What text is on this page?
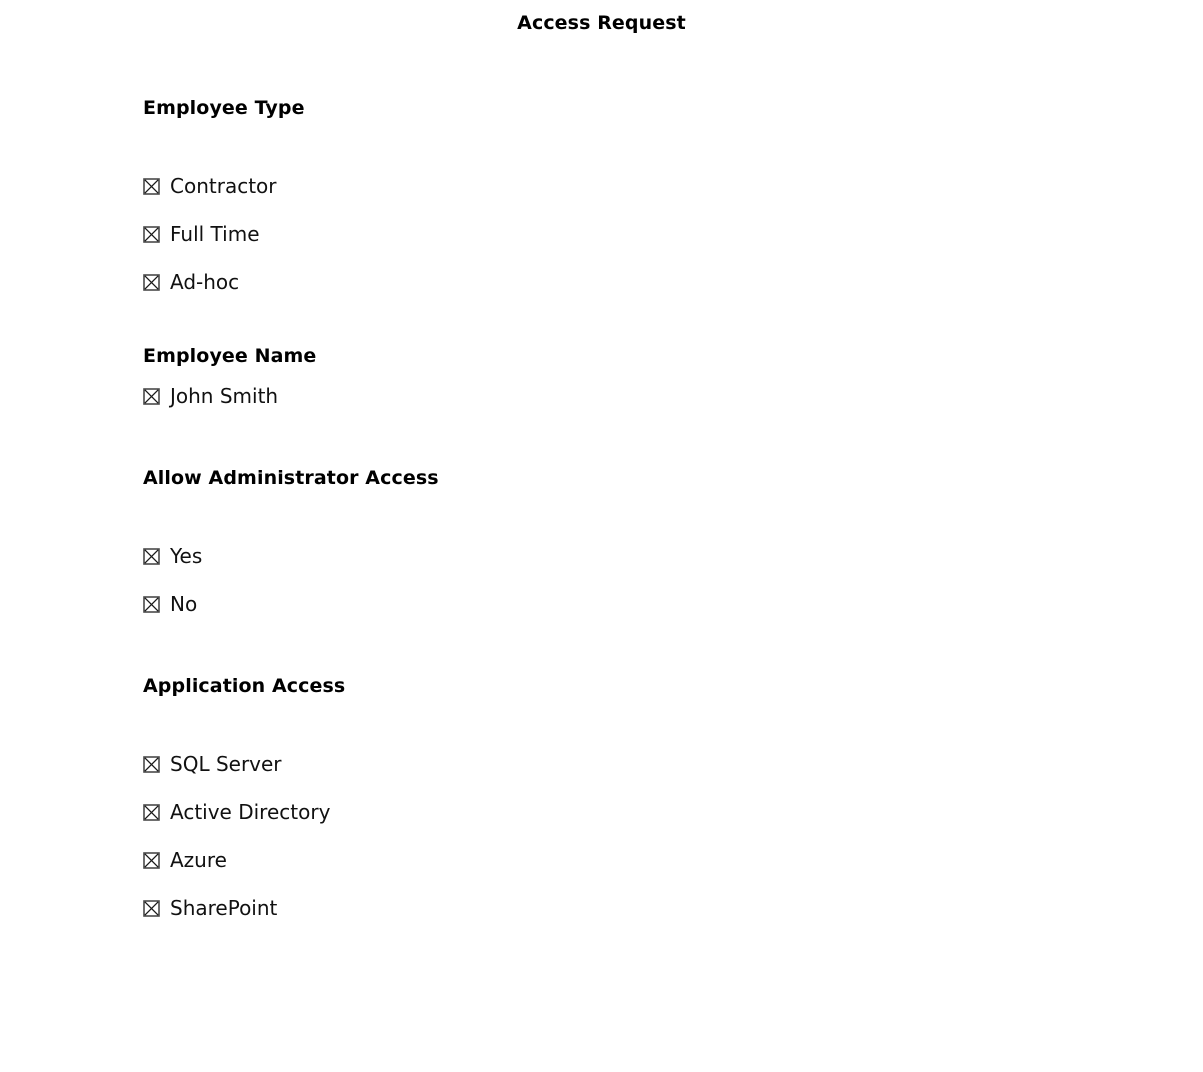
Access Request
Employee Type
Contractor
Full Time
Ad-hoc
Employee Name
John Smith
Allow Administrator Access
Yes
No
Application Access
SQL Server
Active Directory
Azure
SharePoint
